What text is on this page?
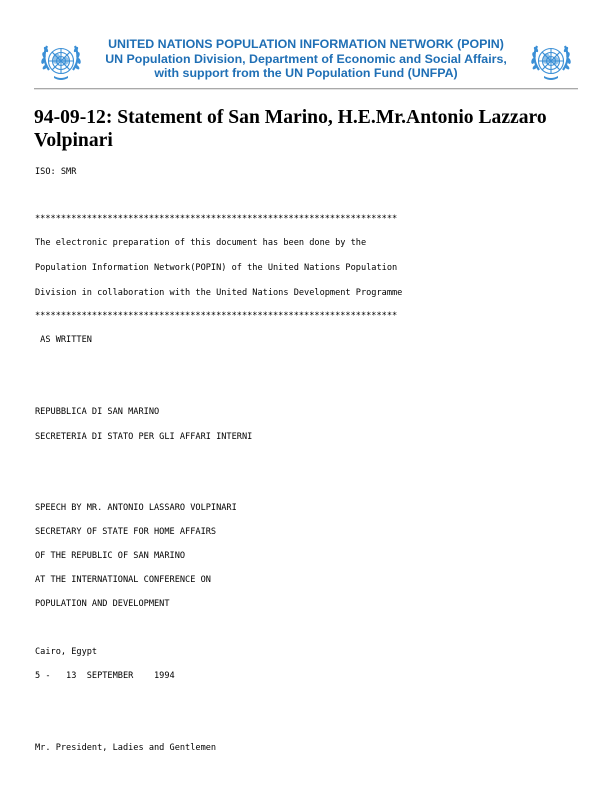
UNITED NATIONS POPULATION INFORMATION NETWORK (POPIN)
UN Population Division, Department of Economic and Social Affairs,
with support from the UN Population Fund (UNFPA)
94-09-12: Statement of San Marino, H.E.Mr.Antonio Lazzaro Volpinari
ISO: SMR
**********************************************************************
The electronic preparation of this document has been done by the
Population Information Network(POPIN) of the United Nations Population
Division in collaboration with the United Nations Development Programme
**********************************************************************
AS WRITTEN
REPUBBLICA DI SAN MARINO
SECRETERIA DI STATO PER GLI AFFARI INTERNI
SPEECH BY MR. ANTONIO LASSARO VOLPINARI
SECRETARY OF STATE FOR HOME AFFAIRS
OF THE REPUBLIC OF SAN MARINO
AT THE INTERNATIONAL CONFERENCE ON
POPULATION AND DEVELOPMENT
Cairo, Egypt
5 -   13  SEPTEMBER    1994
Mr. President, Ladies and Gentlemen
